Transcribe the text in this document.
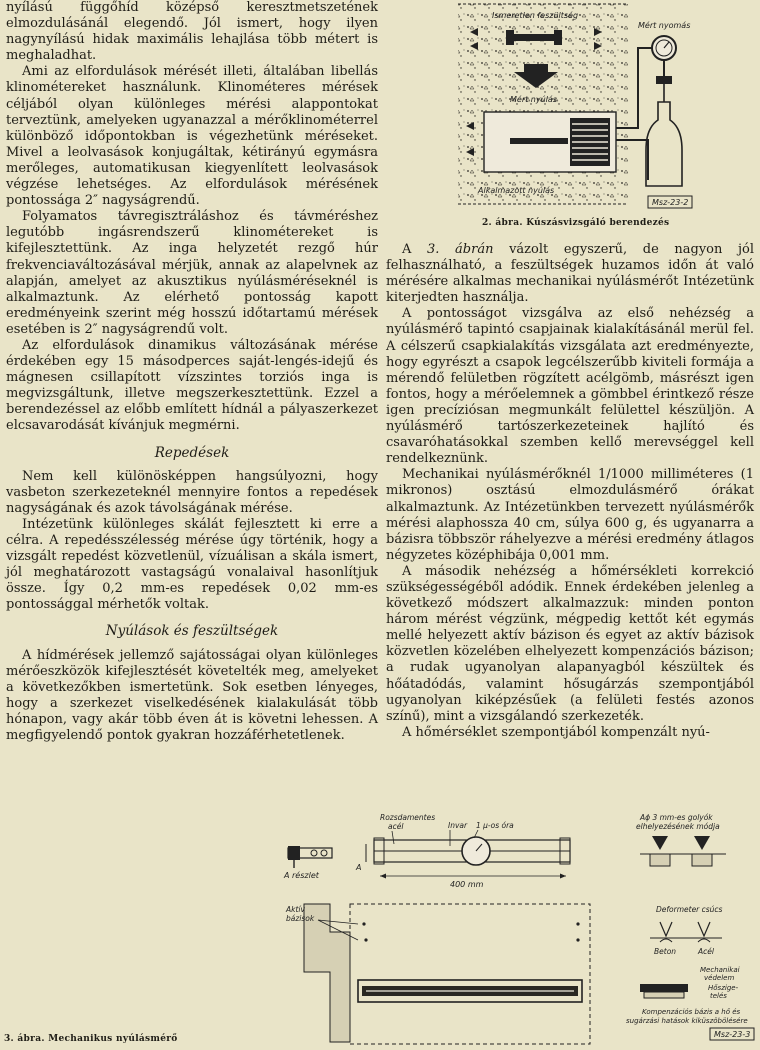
nyílású függőhíd középső keresztmetszetének elmozdulásánál elegendő. Jól ismert, hogy ilyen nagynyílású hidak maximális lehajlása több métert is meghaladhat.

Ami az elfordulások mérését illeti, általában libellás klinométereket használunk. Klinométeres mérések céljából olyan különleges mérési alappontokat terveztünk, amelyeken ugyanazzal a mérőklinométerrel különböző időpontokban is végezhetünk méréseket. Mivel a leolvasások konjugáltak, kétirányú egymásra merőleges, automatikusan kiegyenlített leolvasások végzése lehetséges. Az elfordulások mérésének pontossága 2″ nagyságrendű.

Folyamatos távregisztráláshoz és távméréshez legutóbb ingásrendszerű klinométereket is kifejlesztettünk. Az inga helyzetét rezgő húr frekvenciaváltozásával mérjük, annak az alapelvnek az alapján, amelyet az akusztikus nyúlásméréseknél is alkalmaztunk. Az elérhető pontosság kapott eredményeink szerint még hosszú időtartamú mérések esetében is 2″ nagyságrendű volt.

Az elfordulások dinamikus változásának mérése érdekében egy 15 másodperces saját-lengés-idejű és mágnesen csillapított vízszintes torziós inga is megvizsgáltunk, illetve megszerkesztettünk. Ezzel a berendezéssel az előbb említett hídnál a pályaszerkezet elcsavarodását kívánjuk megmérni.

Repedések

Nem kell különösképpen hangsúlyozni, hogy vasbeton szerkezeteknél mennyire fontos a repedések nagyságának és azok távolságának mérése.

Intézetünk különleges skálát fejlesztett ki erre a célra. A repedésszélesség mérése úgy történik, hogy a vizsgált repedést közvetlenül, vízuálisan a skála ismert, jól meghatározott vastagságú vonalaival hasonlítjuk össze. Így 0,2 mm-es repedések 0,02 mm-es pontossággal mérhetők voltak.

Nyúlások és feszültségek

A hídmérések jellemző sajátosságai olyan különleges mérőeszközök kifejlesztését követelték meg, amelyeket a következőkben ismertetünk. Sok esetben lényeges, hogy a szerkezet viselkedésének kialakulását több hónapon, vagy akár több éven át is követni lehessen. A megfigyelendő pontok gyakran hozzáférhetetlenek.

Ismeretlen feszültség
Mért nyúlás
Alkalmazott nyúlás
Mért nyomás
Msz-23-2
2. ábra. Kúszásvizsgáló berendezés

A 3. ábrán vázolt egyszerű, de nagyon jól felhasználható, a feszültségek huzamos időn át való mérésére alkalmas mechanikai nyúlásmérőt Intézetünk kiterjedten használja.

A pontosságot vizsgálva az első nehézség a nyúlásmérő tapintó csapjainak kialakításánál merül fel. A célszerű csapkialakítás vizsgálata azt eredményezte, hogy egyrészt a csapok legcélszerűbb kiviteli formája a mérendő felületben rögzített acélgömb, másrészt igen fontos, hogy a mérőelemnek a gömbbel érintkező része igen precíziósan megmunkált felülettel készüljön. A nyúlásmérő tartószerkezeteinek hajlító és csavaróhatásokkal szemben kellő merevséggel kell rendelkeznünk.

Mechanikai nyúlásmérőknél 1/1000 milliméteres (1 mikronos) osztású elmozdulásmérő órákat alkalmaztunk. Az Intézetünkben tervezett nyúlásmérők mérési alaphossza 40 cm, súlya 600 g, és ugyanarra a bázisra többször ráhelyezve a mérési eredmény átlagos négyzetes középhibája 0,001 mm.

A második nehézség a hőmérsékleti korrekció szükségességéből adódik. Ennek érdekében jelenleg a következő módszert alkalmazzuk: minden ponton három mérést végzünk, mégpedig kettőt két egymás mellé helyezett aktív bázison és egyet az aktív bázisok közvetlen közelében elhelyezett kompenzációs bázison; a rudak ugyanolyan alapanyagból készültek és hőátadódás, valamint hősugárzás szempontjából ugyanolyan kiképzésűek (a felületi festés azonos színű), mint a vizsgálandó szerkezeték.

A hőmérséklet szempontjából kompenzált nyú-

A részlet
A
Rozsdamentes
acél	Invar 1 μ-os óra
400 mm
Aktív
bázisok
Aϕ 3 mm-es golyók
elhelyezésének módja
Deformeter csúcs
Beton	Acél
Mechanikai
védelem
Hőszige-
telés
Kompenzációs bázis a hő és
sugárzási hatások kiküszöbölésére
Msz-23-3
3. ábra. Mechanikus nyúlásmérő
